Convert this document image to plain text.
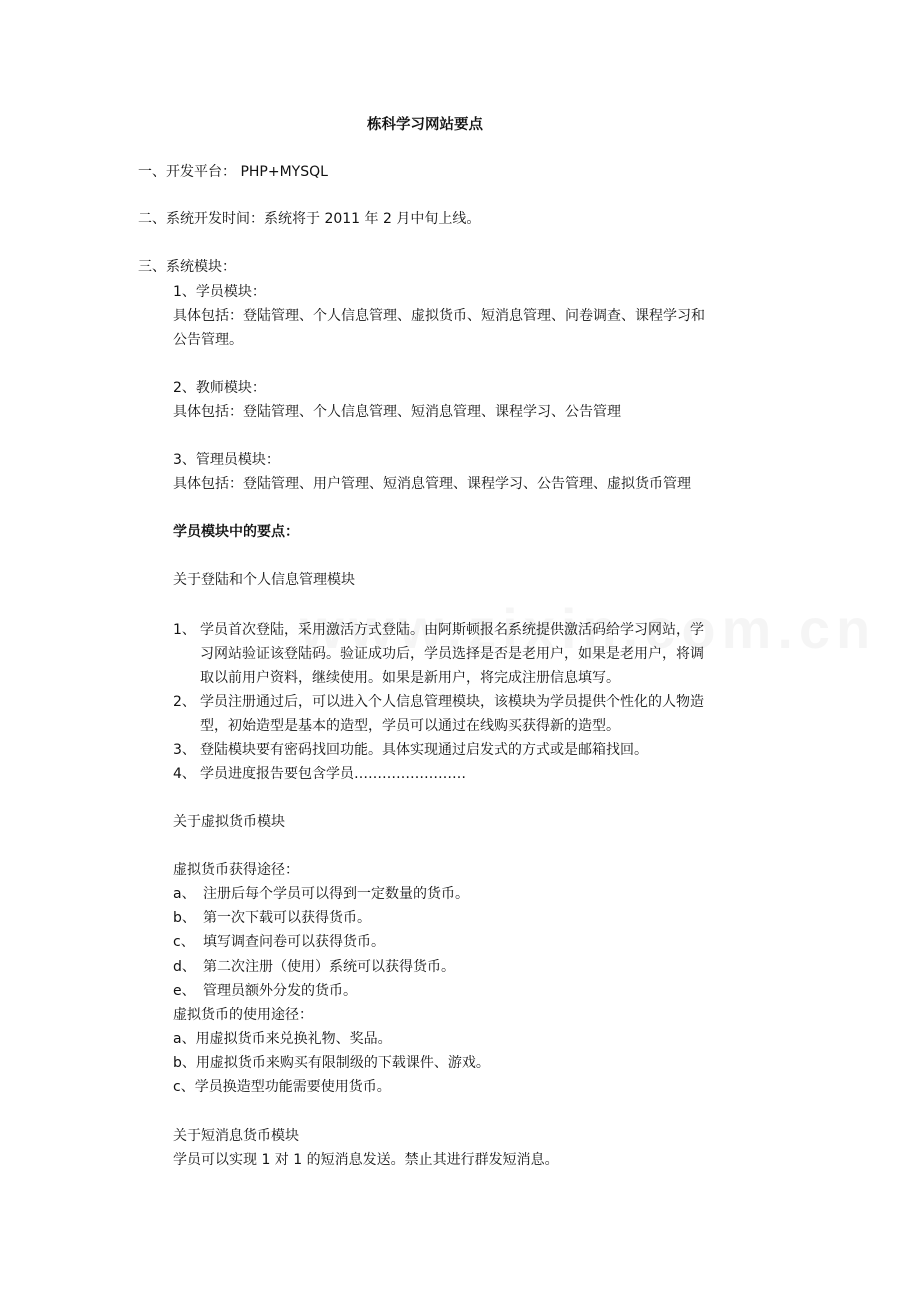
栋科学习网站要点
一、开发平台： PHP+MYSQL
二、系统开发时间：系统将于 2011 年 2 月中旬上线。
三、系统模块：
1、学员模块：
具体包括：登陆管理、个人信息管理、虚拟货币、短消息管理、问卷调查、课程学习和
公告管理。
2、教师模块：
具体包括：登陆管理、个人信息管理、短消息管理、课程学习、公告管理
3、管理员模块：
具体包括：登陆管理、用户管理、短消息管理、课程学习、公告管理、虚拟货币管理
学员模块中的要点：
关于登陆和个人信息管理模块
1、 学员首次登陆，采用激活方式登陆。由阿斯顿报名系统提供激活码给学习网站，学
习网站验证该登陆码。验证成功后，学员选择是否是老用户，如果是老用户，将调
取以前用户资料，继续使用。如果是新用户，将完成注册信息填写。
2、 学员注册通过后，可以进入个人信息管理模块，该模块为学员提供个性化的人物造
型，初始造型是基本的造型，学员可以通过在线购买获得新的造型。
3、 登陆模块要有密码找回功能。具体实现通过启发式的方式或是邮箱找回。
4、 学员进度报告要包含学员……………………
关于虚拟货币模块
虚拟货币获得途径：
a、 注册后每个学员可以得到一定数量的货币。
b、 第一次下载可以获得货币。
c、 填写调查问卷可以获得货币。
d、 第二次注册（使用）系统可以获得货币。
e、 管理员额外分发的货币。
虚拟货币的使用途径：
a、用虚拟货币来兑换礼物、奖品。
b、用虚拟货币来购买有限制级的下载课件、游戏。
c、学员换造型功能需要使用货币。
关于短消息货币模块
学员可以实现 1 对 1 的短消息发送。禁止其进行群发短消息。
